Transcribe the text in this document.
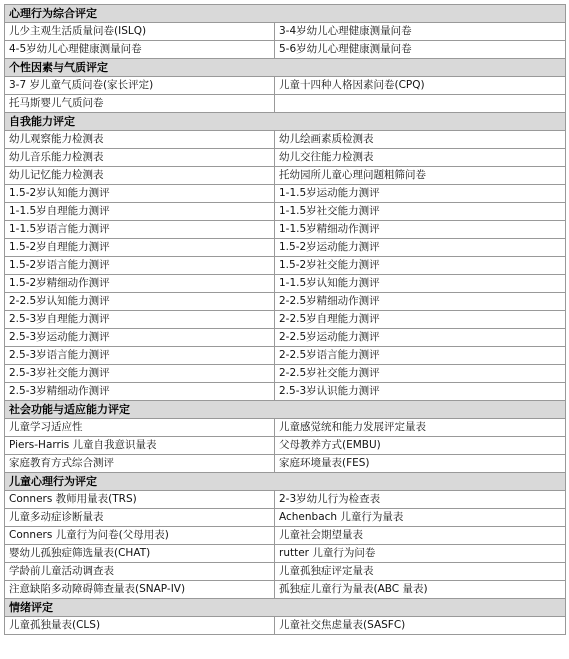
心理行为综合评定	
儿少主观生活质量问卷(ISLQ)	3-4岁幼儿心理健康测量问卷
4-5岁幼儿心理健康测量问卷	5-6岁幼儿心理健康测量问卷
个性因素与气质评定	
3-7 岁儿童气质问卷(家长评定)	儿童十四种人格因素问卷(CPQ)
托马斯婴儿气质问卷	
自我能力评定	
幼儿观察能力检测表	幼儿绘画素质检测表
幼儿音乐能力检测表	幼儿交往能力检测表
幼儿记忆能力检测表	托幼园所儿童心理问题粗筛问卷
1.5-2岁认知能力测评	1-1.5岁运动能力测评
1-1.5岁自理能力测评	1-1.5岁社交能力测评
1-1.5岁语言能力测评	1-1.5岁精细动作测评
1.5-2岁自理能力测评	1.5-2岁运动能力测评
1.5-2岁语言能力测评	1.5-2岁社交能力测评
1.5-2岁精细动作测评	1-1.5岁认知能力测评
2-2.5岁认知能力测评	2-2.5岁精细动作测评
2.5-3岁自理能力测评	2-2.5岁自理能力测评
2.5-3岁运动能力测评	2-2.5岁运动能力测评
2.5-3岁语言能力测评	2-2.5岁语言能力测评
2.5-3岁社交能力测评	2-2.5岁社交能力测评
2.5-3岁精细动作测评	2.5-3岁认识能力测评
社会功能与适应能力评定	
儿童学习适应性	儿童感觉统和能力发展评定量表
Piers-Harris 儿童自我意识量表	父母教养方式(EMBU)
家庭教育方式综合测评	家庭环境量表(FES)
儿童心理行为评定	
Conners 教师用量表(TRS)	2-3岁幼儿行为检查表
儿童多动症诊断量表	Achenbach 儿童行为量表
Conners 儿童行为问卷(父母用表)	儿童社会期望量表
婴幼儿孤独症筛选量表(CHAT)	rutter 儿童行为问卷
学龄前儿童活动调查表	儿童孤独症评定量表
注意缺陷多动障碍筛查量表(SNAP-IV)	孤独症儿童行为量表(ABC 量表)
情绪评定	
儿童孤独量表(CLS)	儿童社交焦虑量表(SASFC)
